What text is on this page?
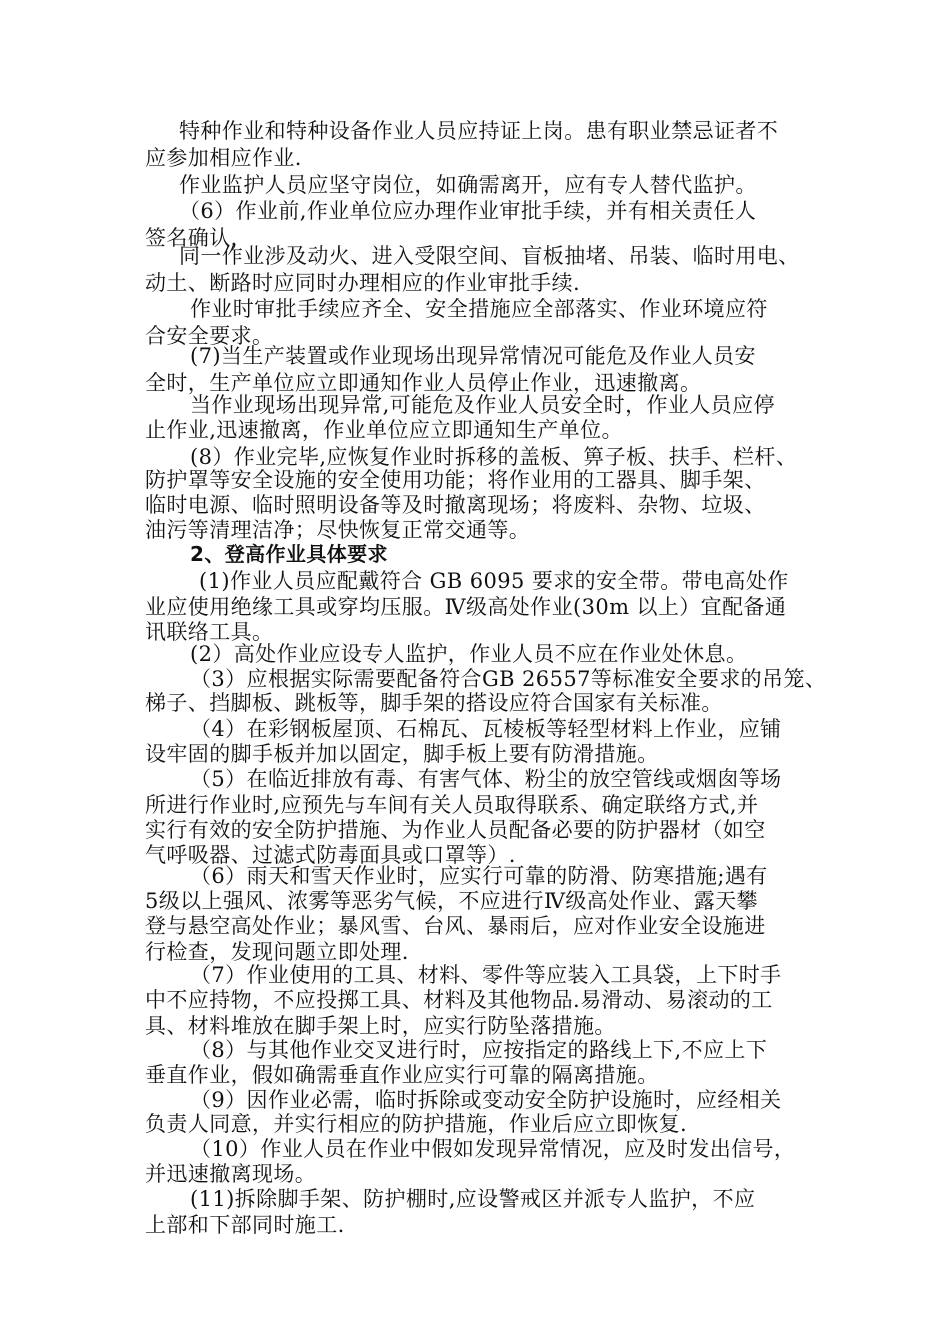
特种作业和特种设备作业人员应持证上岗。患有职业禁忌证者不
应参加相应作业.
作业监护人员应坚守岗位，如确需离开，应有专人替代监护。
（6）作业前,作业单位应办理作业审批手续，并有相关责任人
签名确认，
同一作业涉及动火、进入受限空间、盲板抽堵、吊装、临时用电、
动土、断路时应同时办理相应的作业审批手续.
作业时审批手续应齐全、安全措施应全部落实、作业环境应符
合安全要求。
(7)当生产装置或作业现场出现异常情况可能危及作业人员安
全时，生产单位应立即通知作业人员停止作业，迅速撤离。
当作业现场出现异常,可能危及作业人员安全时，作业人员应停
止作业,迅速撤离，作业单位应立即通知生产单位。
(8）作业完毕,应恢复作业时拆移的盖板、箅子板、扶手、栏杆、
防护罩等安全设施的安全使用功能；将作业用的工器具、脚手架、
临时电源、临时照明设备等及时撤离现场；将废料、杂物、垃圾、
油污等清理洁净；尽快恢复正常交通等。
2、登高作业具体要求
(1)作业人员应配戴符合 GB 6095 要求的安全带。带电高处作
业应使用绝缘工具或穿均压服。Ⅳ级高处作业(30m 以上）宜配备通
讯联络工具。
(2）高处作业应设专人监护，作业人员不应在作业处休息。
（3）应根据实际需要配备符合GB 26557等标准安全要求的吊笼、
梯子、挡脚板、跳板等，脚手架的搭设应符合国家有关标准。
（4）在彩钢板屋顶、石棉瓦、瓦棱板等轻型材料上作业，应铺
设牢固的脚手板并加以固定，脚手板上要有防滑措施。
（5）在临近排放有毒、有害气体、粉尘的放空管线或烟囱等场
所进行作业时,应预先与车间有关人员取得联系、确定联络方式,并
实行有效的安全防护措施、为作业人员配备必要的防护器材（如空
气呼吸器、过滤式防毒面具或口罩等）.
（6）雨天和雪天作业时，应实行可靠的防滑、防寒措施;遇有
5级以上强风、浓雾等恶劣气候，不应进行Ⅳ级高处作业、露天攀
登与悬空高处作业；暴风雪、台风、暴雨后，应对作业安全设施进
行检查，发现问题立即处理.
（7）作业使用的工具、材料、零件等应装入工具袋，上下时手
中不应持物，不应投掷工具、材料及其他物品.易滑动、易滚动的工
具、材料堆放在脚手架上时，应实行防坠落措施。
（8）与其他作业交叉进行时，应按指定的路线上下,不应上下
垂直作业，假如确需垂直作业应实行可靠的隔离措施。
（9）因作业必需，临时拆除或变动安全防护设施时，应经相关
负责人同意，并实行相应的防护措施，作业后应立即恢复.
（10）作业人员在作业中假如发现异常情况，应及时发出信号，
并迅速撤离现场。
(11)拆除脚手架、防护棚时,应设警戒区并派专人监护，不应
上部和下部同时施工.
